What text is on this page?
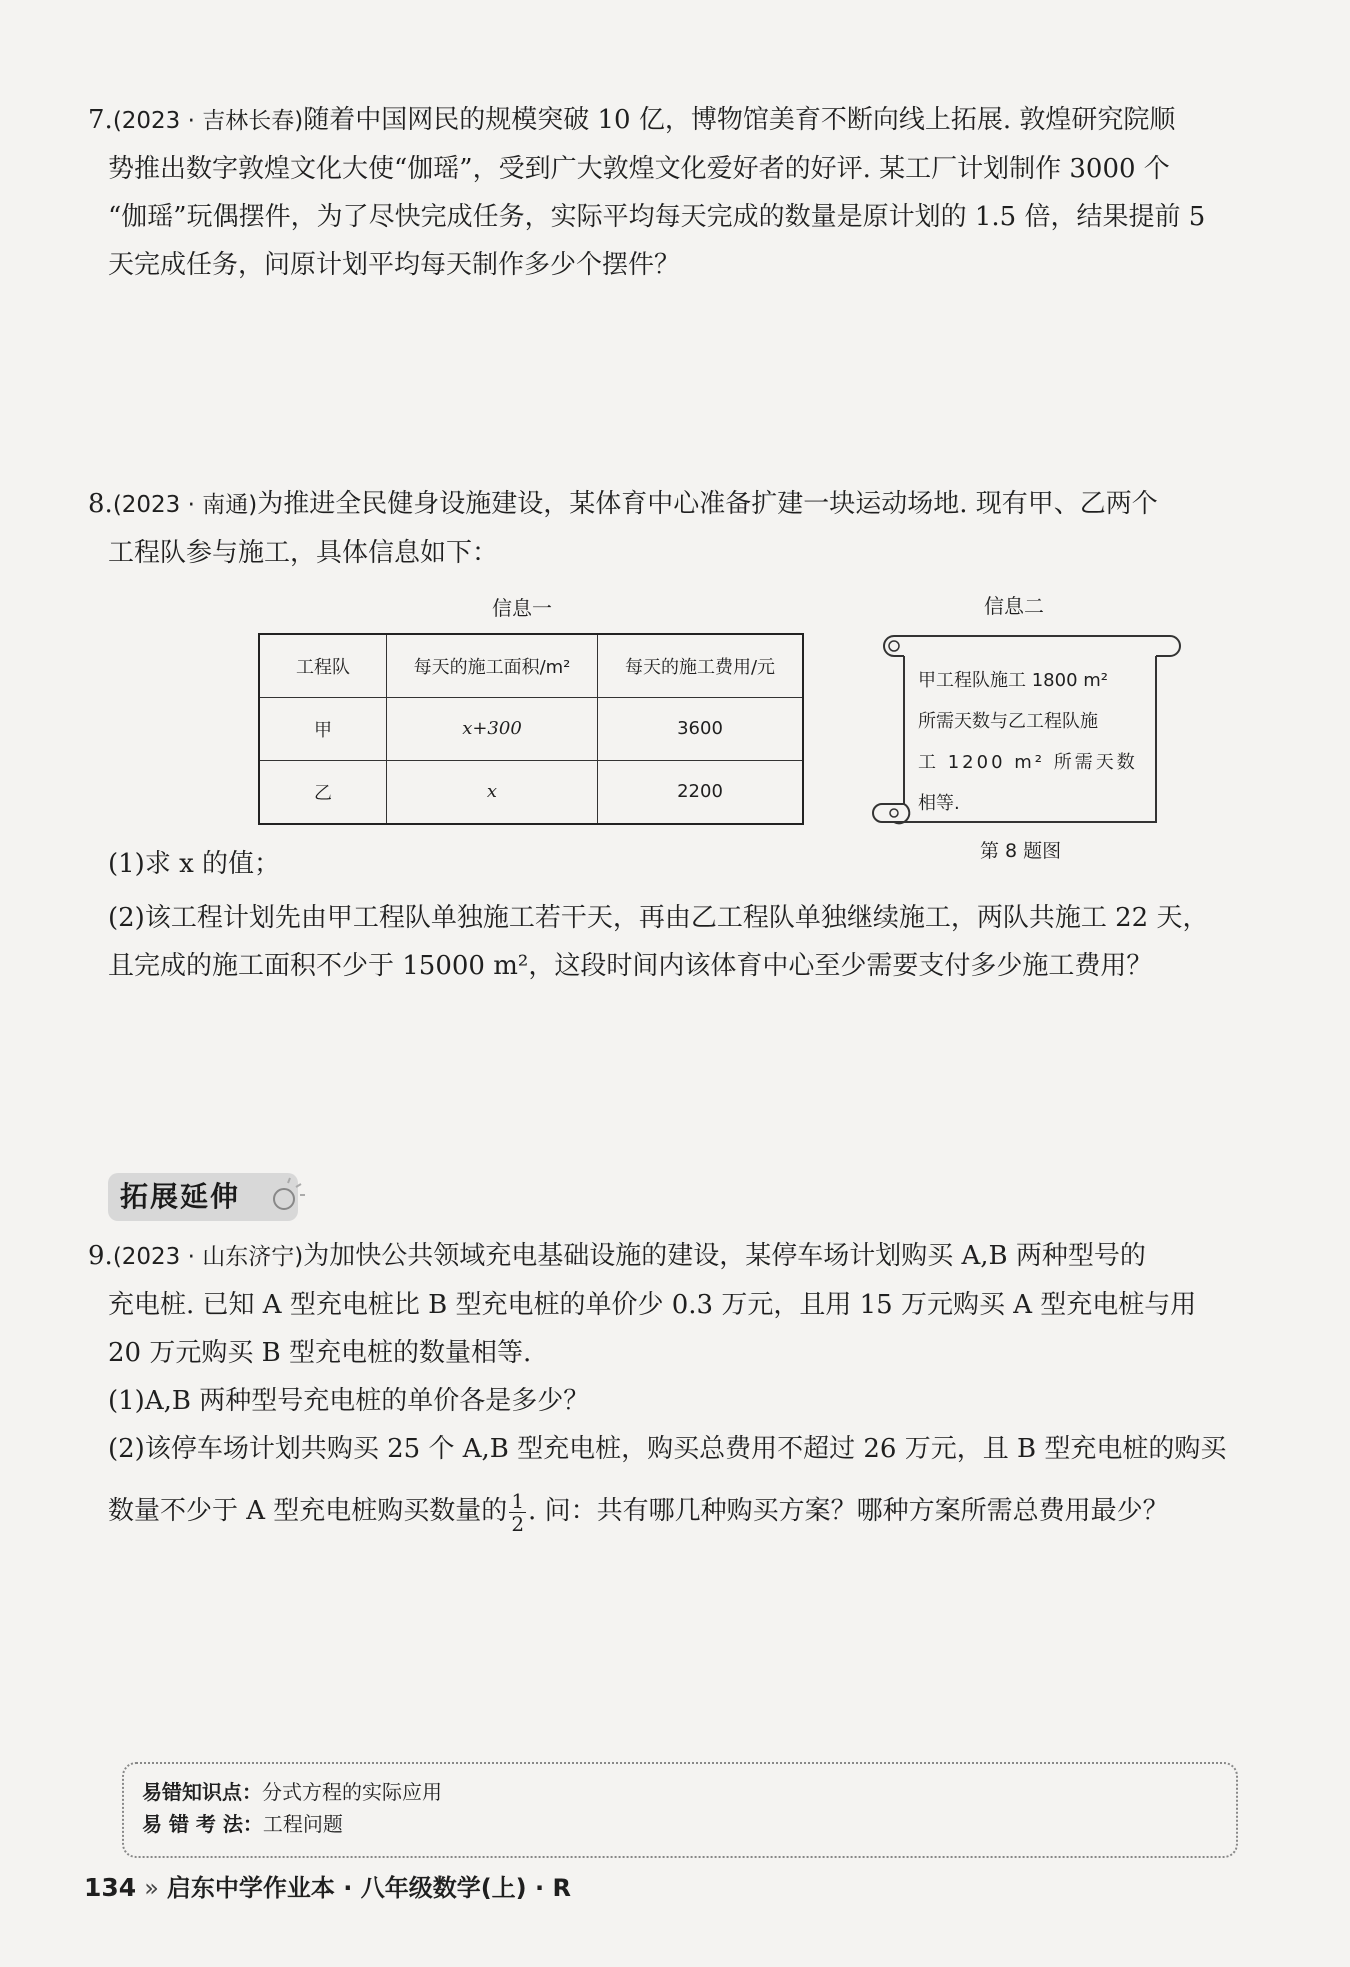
7.(2023 · 吉林长春)随着中国网民的规模突破 10 亿，博物馆美育不断向线上拓展. 敦煌研究院顺
势推出数字敦煌文化大使“伽瑶”，受到广大敦煌文化爱好者的好评. 某工厂计划制作 3000 个
“伽瑶”玩偶摆件，为了尽快完成任务，实际平均每天完成的数量是原计划的 1.5 倍，结果提前 5
天完成任务，问原计划平均每天制作多少个摆件？
8.(2023 · 南通)为推进全民健身设施建设，某体育中心准备扩建一块运动场地. 现有甲、乙两个
工程队参与施工，具体信息如下：
信息一	信息二
工程队	每天的施工面积/m²	每天的施工费用/元
甲	x+300	3600
乙	x	2200
甲工程队施工 1800 m²
所需天数与乙工程队施
工 1200 m² 所需天数
相等.
第 8 题图
(1)求 x 的值；
(2)该工程计划先由甲工程队单独施工若干天，再由乙工程队单独继续施工，两队共施工 22 天，
且完成的施工面积不少于 15000 m²，这段时间内该体育中心至少需要支付多少施工费用？
拓展延伸
9.(2023 · 山东济宁)为加快公共领域充电基础设施的建设，某停车场计划购买 A,B 两种型号的
充电桩. 已知 A 型充电桩比 B 型充电桩的单价少 0.3 万元，且用 15 万元购买 A 型充电桩与用
20 万元购买 B 型充电桩的数量相等.
(1)A,B 两种型号充电桩的单价各是多少？
(2)该停车场计划共购买 25 个 A,B 型充电桩，购买总费用不超过 26 万元，且 B 型充电桩的购买
数量不少于 A 型充电桩购买数量的 $\frac{1}{2}$ . 问：共有哪几种购买方案？哪种方案所需总费用最少？
易错知识点：分式方程的实际应用
易 错 考 法：工程问题
134 » 启东中学作业本 · 八年级数学(上) · R
